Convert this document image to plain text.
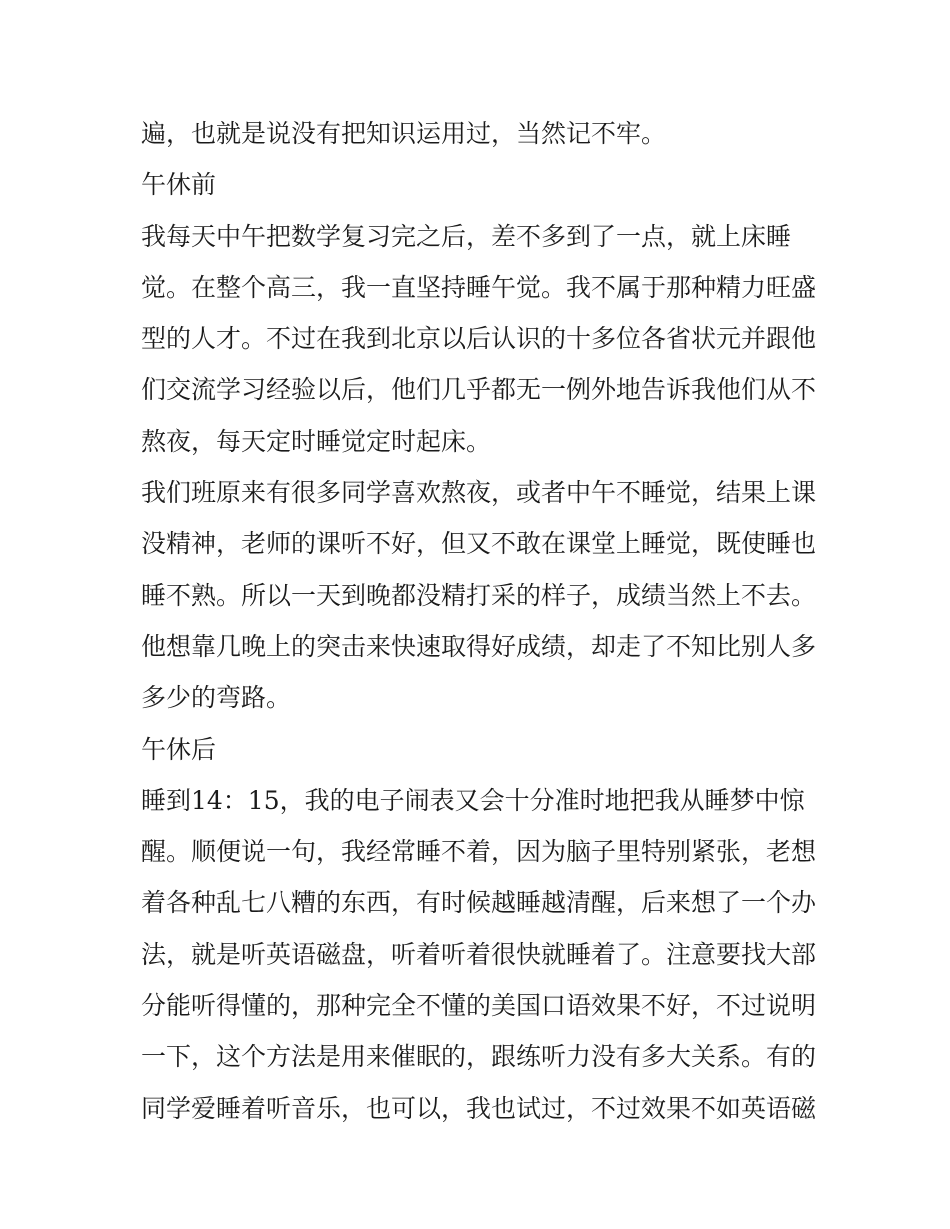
遍，也就是说没有把知识运用过，当然记不牢。
午休前
我每天中午把数学复习完之后，差不多到了一点，就上床睡
觉。在整个高三，我一直坚持睡午觉。我不属于那种精力旺盛
型的人才。不过在我到北京以后认识的十多位各省状元并跟他
们交流学习经验以后，他们几乎都无一例外地告诉我他们从不
熬夜，每天定时睡觉定时起床。
我们班原来有很多同学喜欢熬夜，或者中午不睡觉，结果上课
没精神，老师的课听不好，但又不敢在课堂上睡觉，既使睡也
睡不熟。所以一天到晚都没精打采的样子，成绩当然上不去。
他想靠几晚上的突击来快速取得好成绩，却走了不知比别人多
多少的弯路。
午休后
睡到14：15，我的电子闹表又会十分准时地把我从睡梦中惊
醒。顺便说一句，我经常睡不着，因为脑子里特别紧张，老想
着各种乱七八糟的东西，有时候越睡越清醒，后来想了一个办
法，就是听英语磁盘，听着听着很快就睡着了。注意要找大部
分能听得懂的，那种完全不懂的美国口语效果不好，不过说明
一下，这个方法是用来催眠的，跟练听力没有多大关系。有的
同学爱睡着听音乐，也可以，我也试过，不过效果不如英语磁
